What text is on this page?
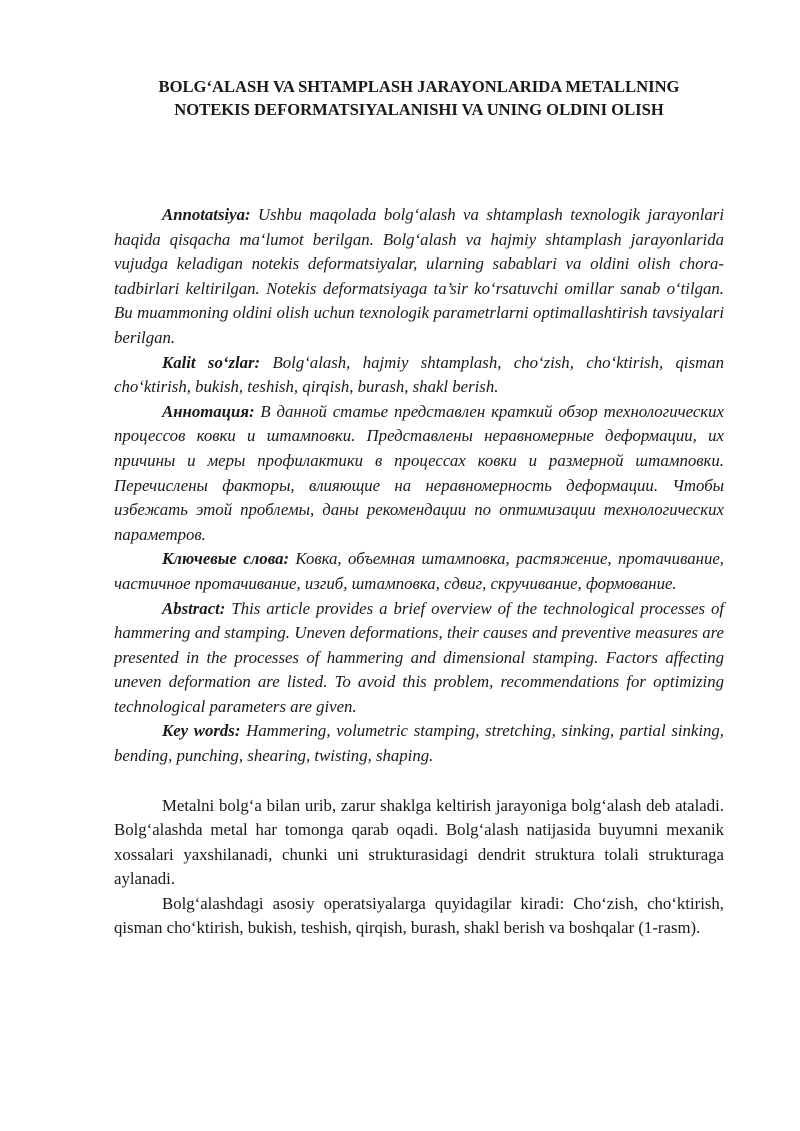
BOLG‘ALASH VA SHTAMPLASH JARAYONLARIDA METALLNING
NOTEKIS DEFORMATSIYALANISHI VA UNING OLDINI OLISH

Annotatsiya: Ushbu maqolada bolg‘alash va shtamplash texnologik jarayonlari haqida qisqacha ma‘lumot berilgan. Bolg‘alash va hajmiy shtamplash jarayonlarida vujudga keladigan notekis deformatsiyalar, ularning sabablari va oldini olish chora-tadbirlari keltirilgan. Notekis deformatsiyaga ta’sir ko‘rsatuvchi omillar sanab o‘tilgan. Bu muammoning oldini olish uchun texnologik parametrlarni optimallashtirish tavsiyalari berilgan.

Kalit so‘zlar: Bolg‘alash, hajmiy shtamplash, cho‘zish, cho‘ktirish, qisman cho‘ktirish, bukish, teshish, qirqish, burash, shakl berish.

Аннотация: В данной статье представлен краткий обзор технологических процессов ковки и штамповки. Представлены неравномерные деформации, их причины и меры профилактики в процессах ковки и размерной штамповки. Перечислены факторы, влияющие на неравномерность деформации. Чтобы избежать этой проблемы, даны рекомендации по оптимизации технологических параметров.

Ключевые слова: Ковка, объемная штамповка, растяжение, протачивание, частичное протачивание, изгиб, штамповка, сдвиг, скручивание, формование.

Abstract: This article provides a brief overview of the technological processes of hammering and stamping. Uneven deformations, their causes and preventive measures are presented in the processes of hammering and dimensional stamping. Factors affecting uneven deformation are listed. To avoid this problem, recommendations for optimizing technological parameters are given.

Key words: Hammering, volumetric stamping, stretching, sinking, partial sinking, bending, punching, shearing, twisting, shaping.

Metalni bolg‘a bilan urib, zarur shaklga keltirish jarayoniga bolg‘alash deb ataladi. Bolg‘alashda metal har tomonga qarab oqadi. Bolg‘alash natijasida buyumni mexanik xossalari yaxshilanadi, chunki uni strukturasidagi dendrit struktura tolali strukturaga aylanadi.

Bolg‘alashdagi asosiy operatsiyalarga quyidagilar kiradi: Cho‘zish, cho‘ktirish, qisman cho‘ktirish, bukish, teshish, qirqish, burash, shakl berish va boshqalar (1-rasm).
